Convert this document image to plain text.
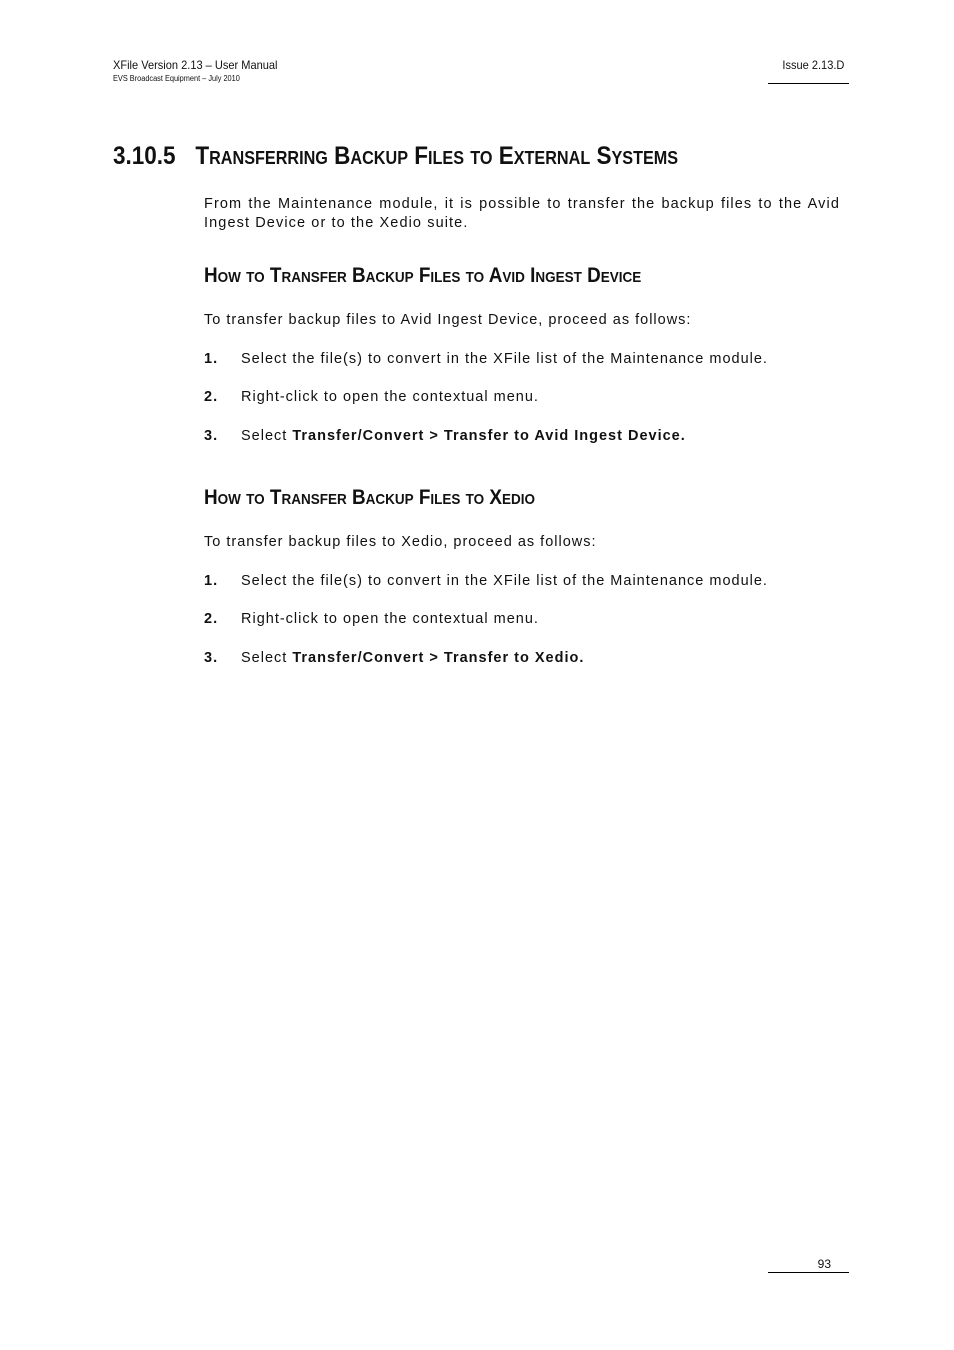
XFile Version 2.13 – User Manual
EVS Broadcast Equipment – July 2010
Issue 2.13.D
3.10.5 Transferring Backup Files to External Systems
From the Maintenance module, it is possible to transfer the backup files to the Avid Ingest Device or to the Xedio suite.
How to Transfer Backup Files to Avid Ingest Device
To transfer backup files to Avid Ingest Device, proceed as follows:
1. Select the file(s) to convert in the XFile list of the Maintenance module.
2. Right-click to open the contextual menu.
3. Select Transfer/Convert > Transfer to Avid Ingest Device.
How to Transfer Backup Files to Xedio
To transfer backup files to Xedio, proceed as follows:
1. Select the file(s) to convert in the XFile list of the Maintenance module.
2. Right-click to open the contextual menu.
3. Select Transfer/Convert > Transfer to Xedio.
93
